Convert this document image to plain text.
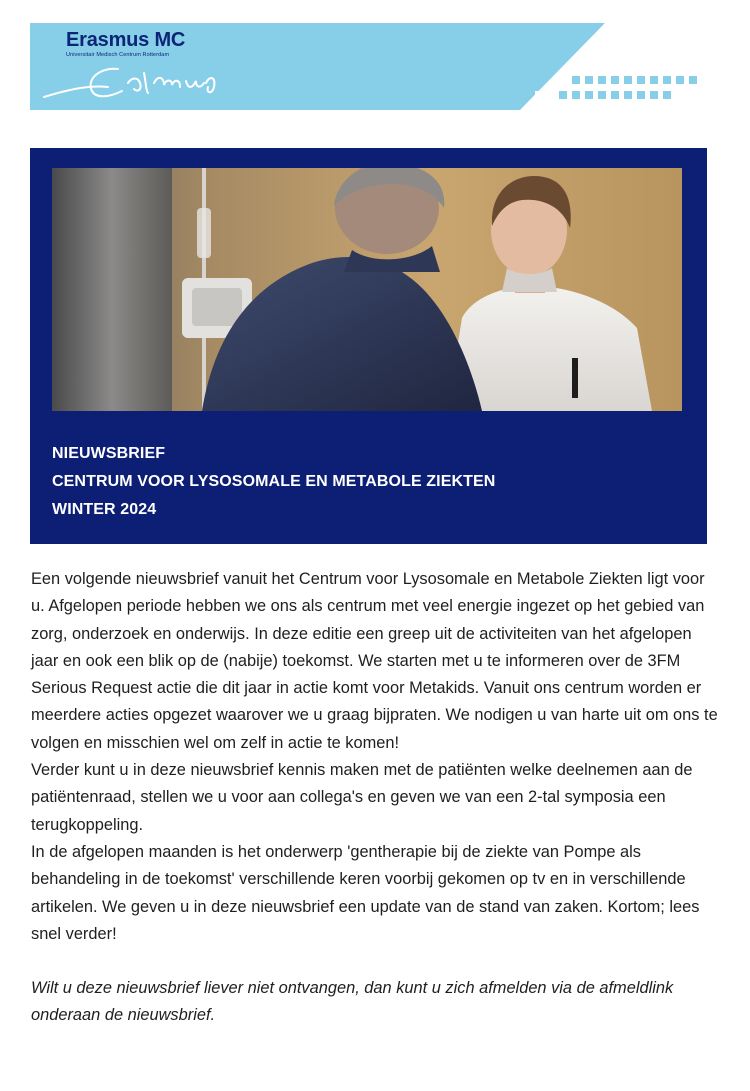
Erasmus MC
Universitair Medisch Centrum Rotterdam
NIEUWSBRIEF
CENTRUM VOOR LYSOSOMALE EN METABOLE ZIEKTEN
WINTER 2024

Een volgende nieuwsbrief vanuit het Centrum voor Lysosomale en Metabole Ziekten ligt voor u. Afgelopen periode hebben we ons als centrum met veel energie ingezet op het gebied van zorg, onderzoek en onderwijs. In deze editie een greep uit de activiteiten van het afgelopen jaar en ook een blik op de (nabije) toekomst. We starten met u te informeren over de 3FM Serious Request actie die dit jaar in actie komt voor Metakids. Vanuit ons centrum worden er meerdere acties opgezet waarover we u graag bijpraten. We nodigen u van harte uit om ons te volgen en misschien wel om zelf in actie te komen!

Verder kunt u in deze nieuwsbrief kennis maken met de patiënten welke deelnemen aan de patiëntenraad, stellen we u voor aan collega's en geven we van een 2-tal symposia een terugkoppeling.

In de afgelopen maanden is het onderwerp 'gentherapie bij de ziekte van Pompe als behandeling in de toekomst' verschillende keren voorbij gekomen op tv en in verschillende artikelen. We geven u in deze nieuwsbrief een update van de stand van zaken. Kortom; lees snel verder!

Wilt u deze nieuwsbrief liever niet ontvangen, dan kunt u zich afmelden via de afmeldlink onderaan de nieuwsbrief.
